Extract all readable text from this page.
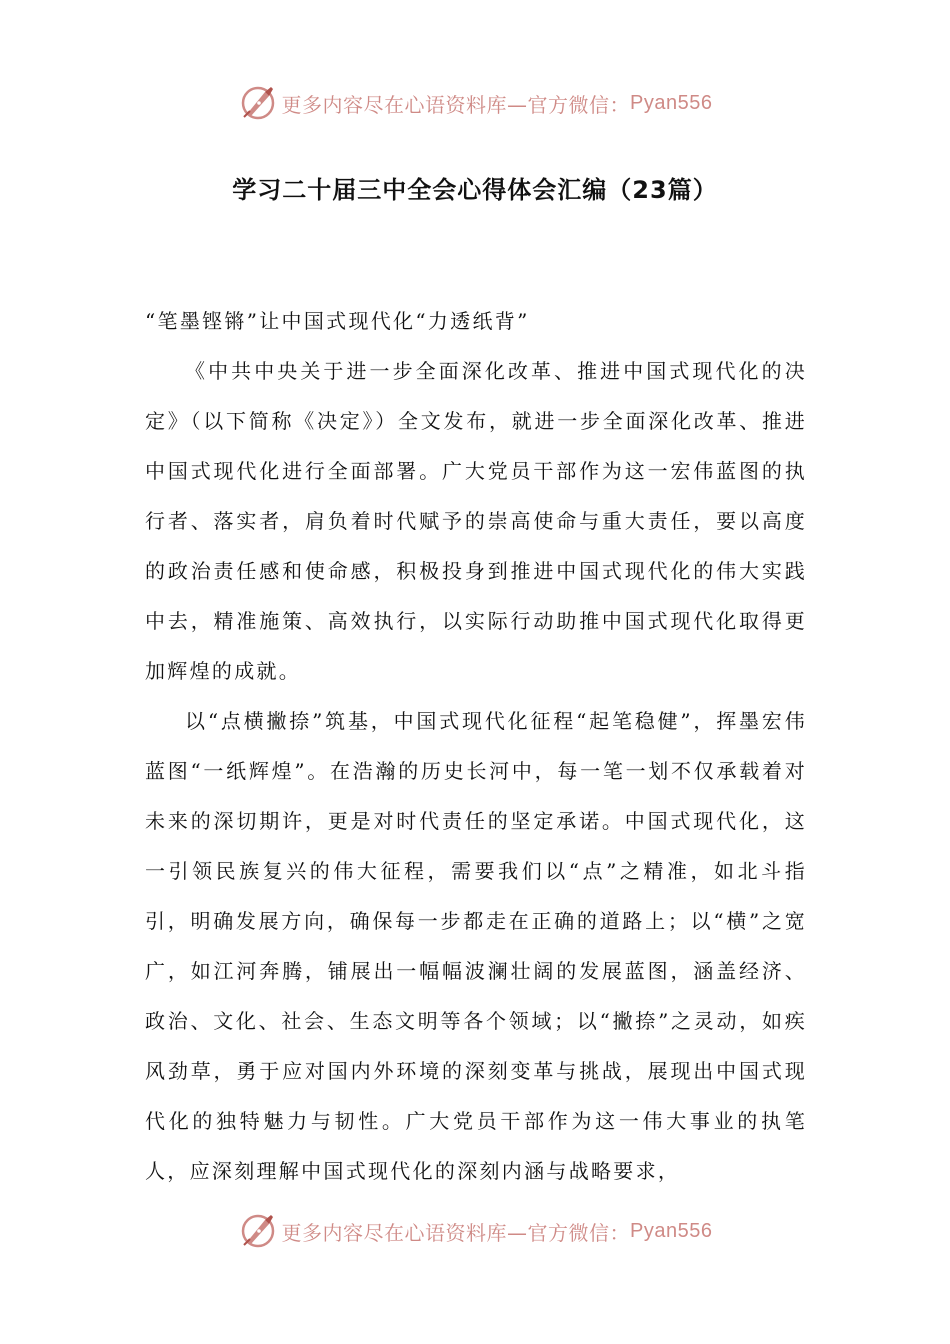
更多内容尽在心语资料库—官方微信： Pyan556
学习二十届三中全会心得体会汇编（23篇）

“笔墨铿锵”让中国式现代化“力透纸背”

《中共中央关于进一步全面深化改革、推进中国式现代化的决定》（以下简称《决定》）全文发布，就进一步全面深化改革、推进中国式现代化进行全面部署。广大党员干部作为这一宏伟蓝图的执行者、落实者，肩负着时代赋予的崇高使命与重大责任，要以高度的政治责任感和使命感，积极投身到推进中国式现代化的伟大实践中去，精准施策、高效执行，以实际行动助推中国式现代化取得更加辉煌的成就。

以“点横撇捺”筑基，中国式现代化征程“起笔稳健”，挥墨宏伟蓝图“一纸辉煌”。在浩瀚的历史长河中，每一笔一划不仅承载着对未来的深切期许，更是对时代责任的坚定承诺。中国式现代化，这一引领民族复兴的伟大征程，需要我们以“点”之精准，如北斗指引，明确发展方向，确保每一步都走在正确的道路上；以“横”之宽广，如江河奔腾，铺展出一幅幅波澜壮阔的发展蓝图，涵盖经济、政治、文化、社会、生态文明等各个领域；以“撇捺”之灵动，如疾风劲草，勇于应对国内外环境的深刻变革与挑战，展现出中国式现代化的独特魅力与韧性。广大党员干部作为这一伟大事业的执笔人，应深刻理解中国式现代化的深刻内涵与战略要求，

更多内容尽在心语资料库—官方微信： Pyan556
